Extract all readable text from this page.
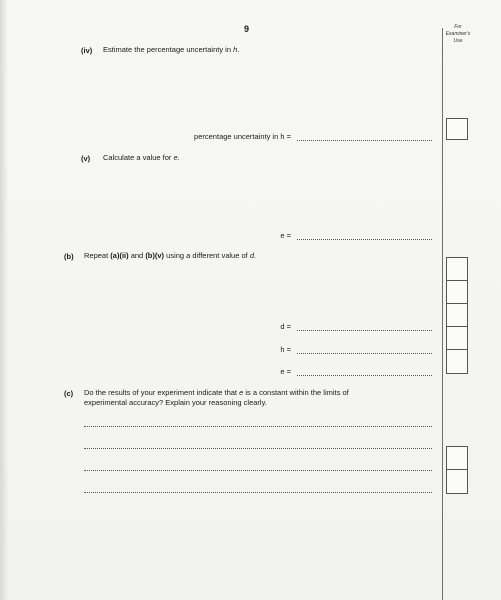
9	For
Examiner's
Use
(iv) Estimate the percentage uncertainty in h.
percentage uncertainty in h =
(v) Calculate a value for e.
e =
(b) Repeat (a)(ii) and (b)(v) using a different value of d.
d =
h =
e =
(c) Do the results of your experiment indicate that e is a constant within the limits of
experimental accuracy? Explain your reasoning clearly.
